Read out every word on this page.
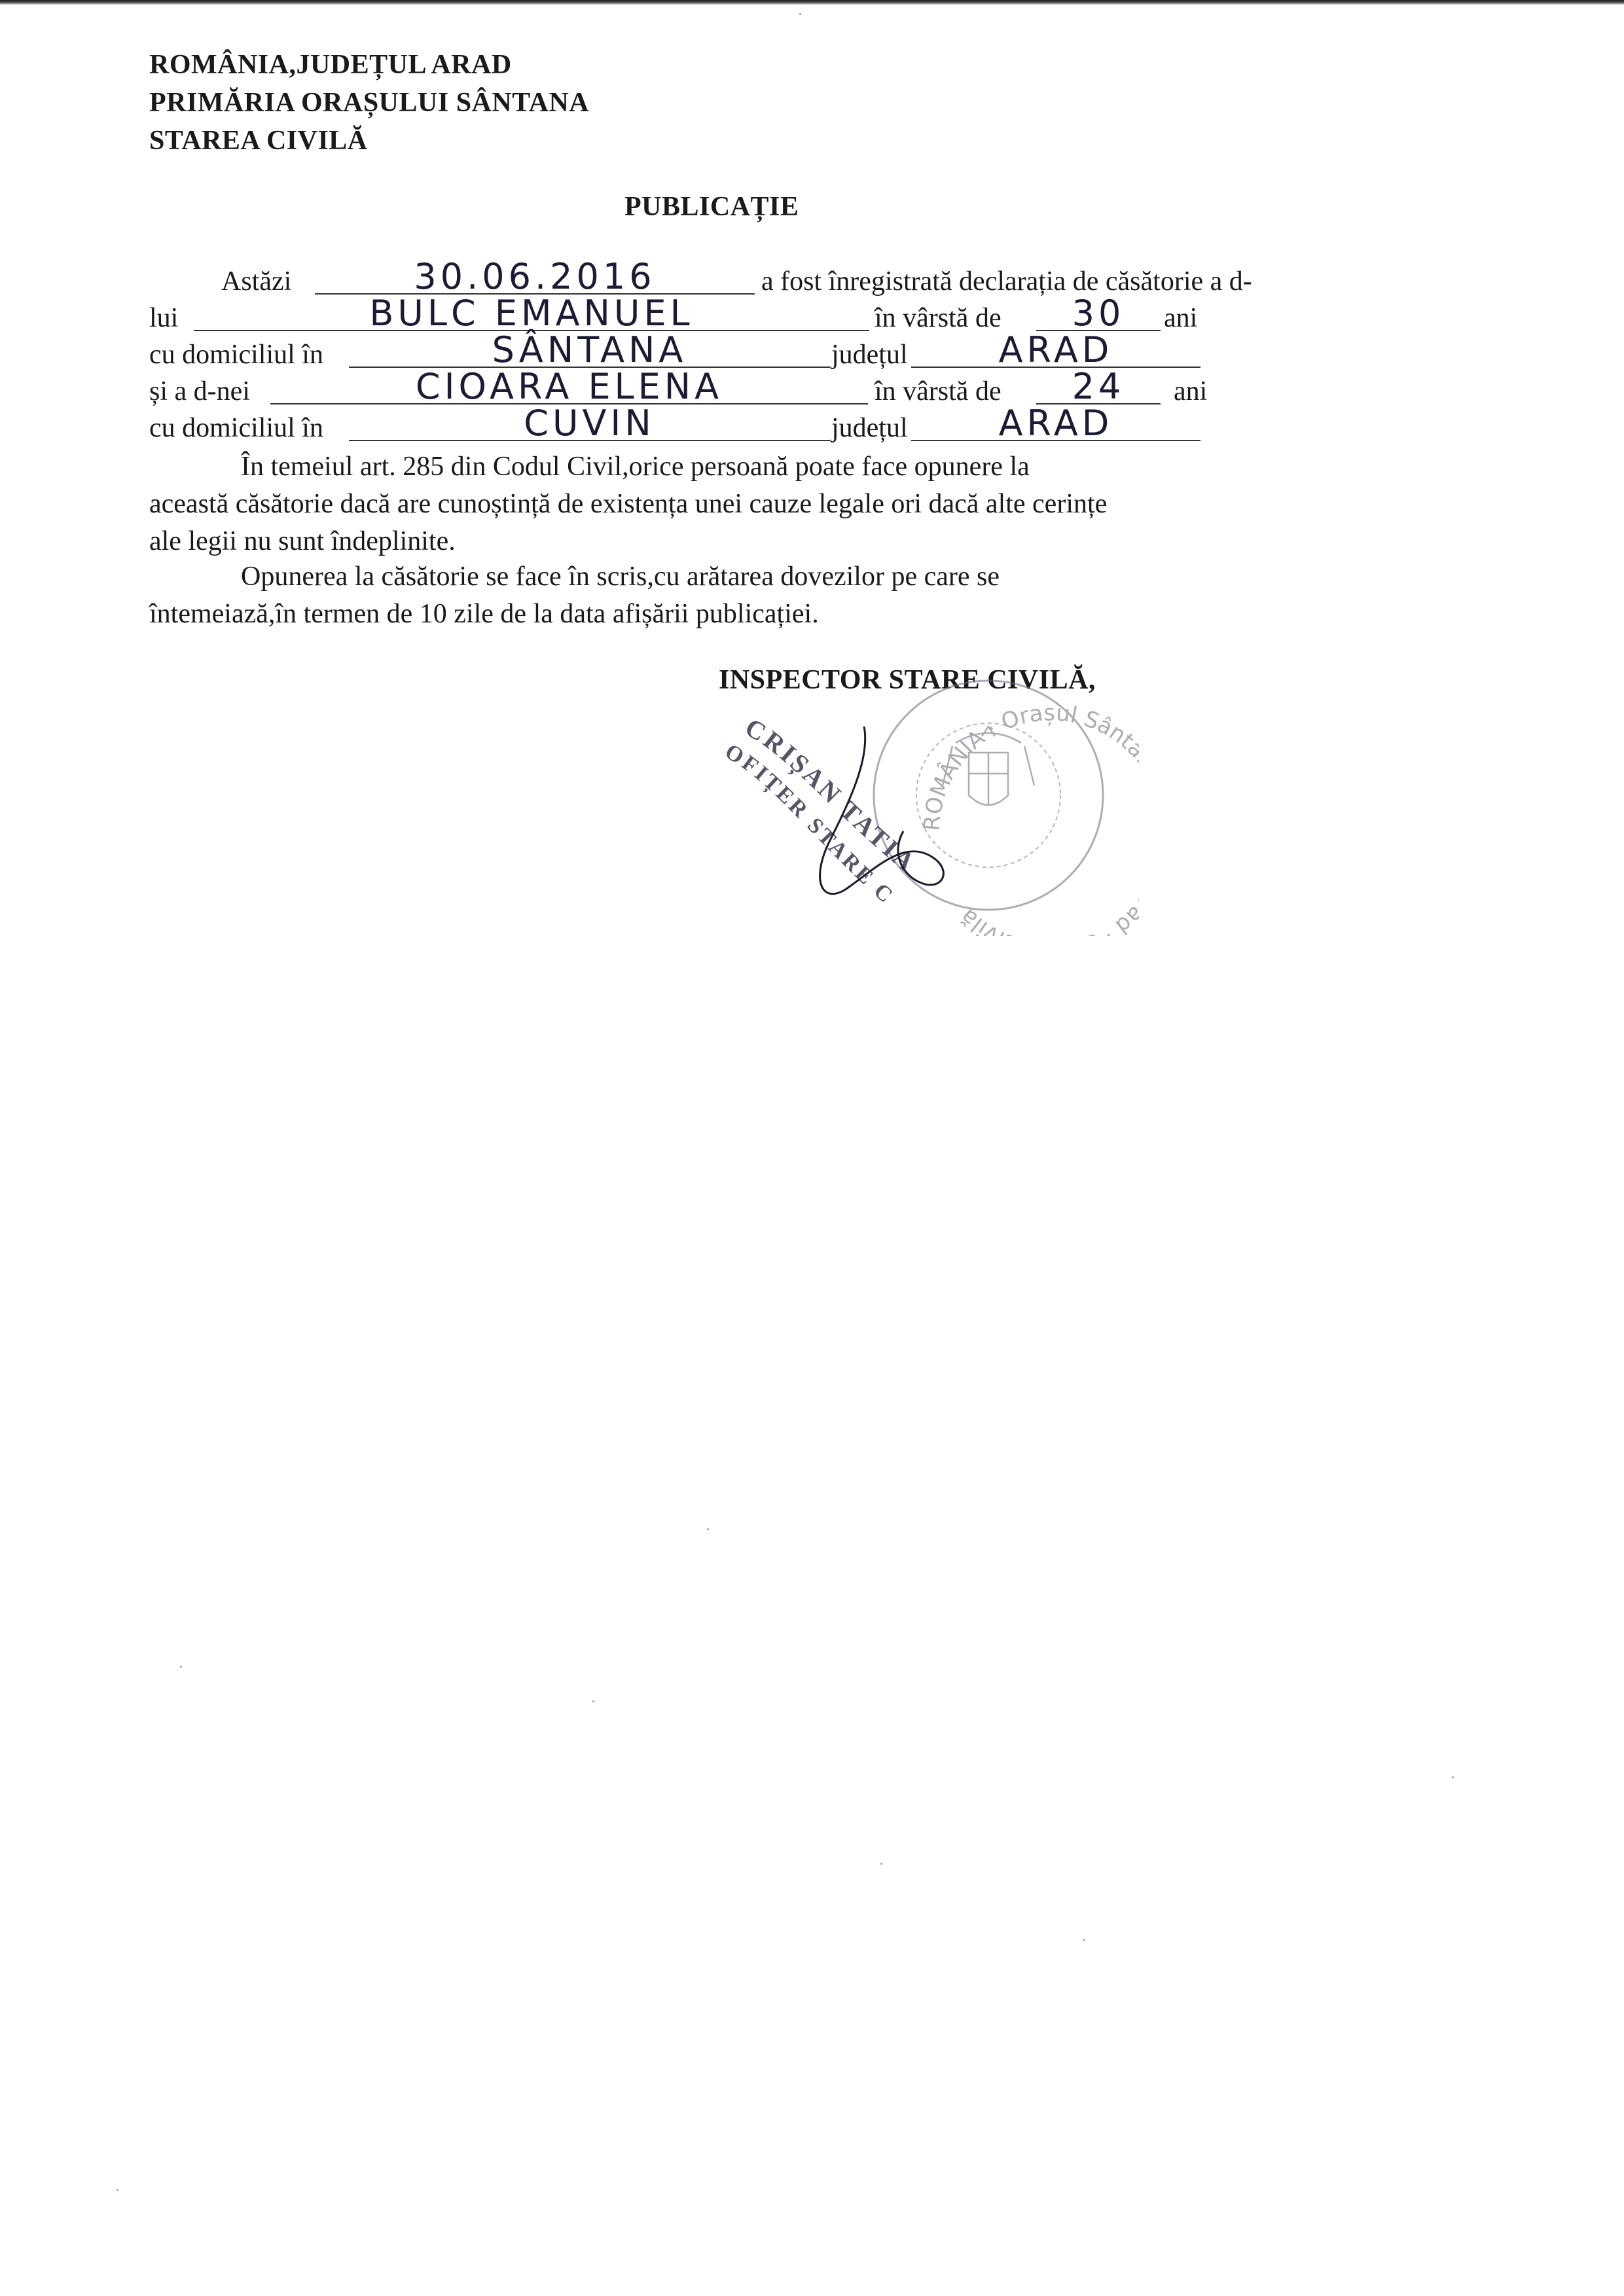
ROMÂNIA,JUDEȚUL ARAD
PRIMĂRIA ORAȘULUI SÂNTANA
STAREA CIVILĂ
PUBLICAȚIE
Astăzi	30.06.2016	a fost înregistrată declarația de căsătorie a d-
lui	BULC EMANUEL	în vârstă de	30	ani
cu domiciliul în	SÂNTANA	județul	ARAD
și a d-nei	CIOARA ELENA	în vârstă de	24	ani
cu domiciliul în	CUVIN	județul	ARAD
În temeiul art. 285 din Codul Civil,orice persoană poate face opunere la
această căsătorie dacă are cunoștință de existența unei cauze legale ori dacă alte cerințe
ale legii nu sunt îndeplinite.
Opunerea la căsătorie se face în scris,cu arătarea dovezilor pe care se
întemeiază,în termen de 10 zile de la data afișării publicației.
INSPECTOR STARE CIVILĂ,
ROMÂNIA · Orașul Sânt d · vilă
CRIȘAN TATIA
OFIȚER STARE C
